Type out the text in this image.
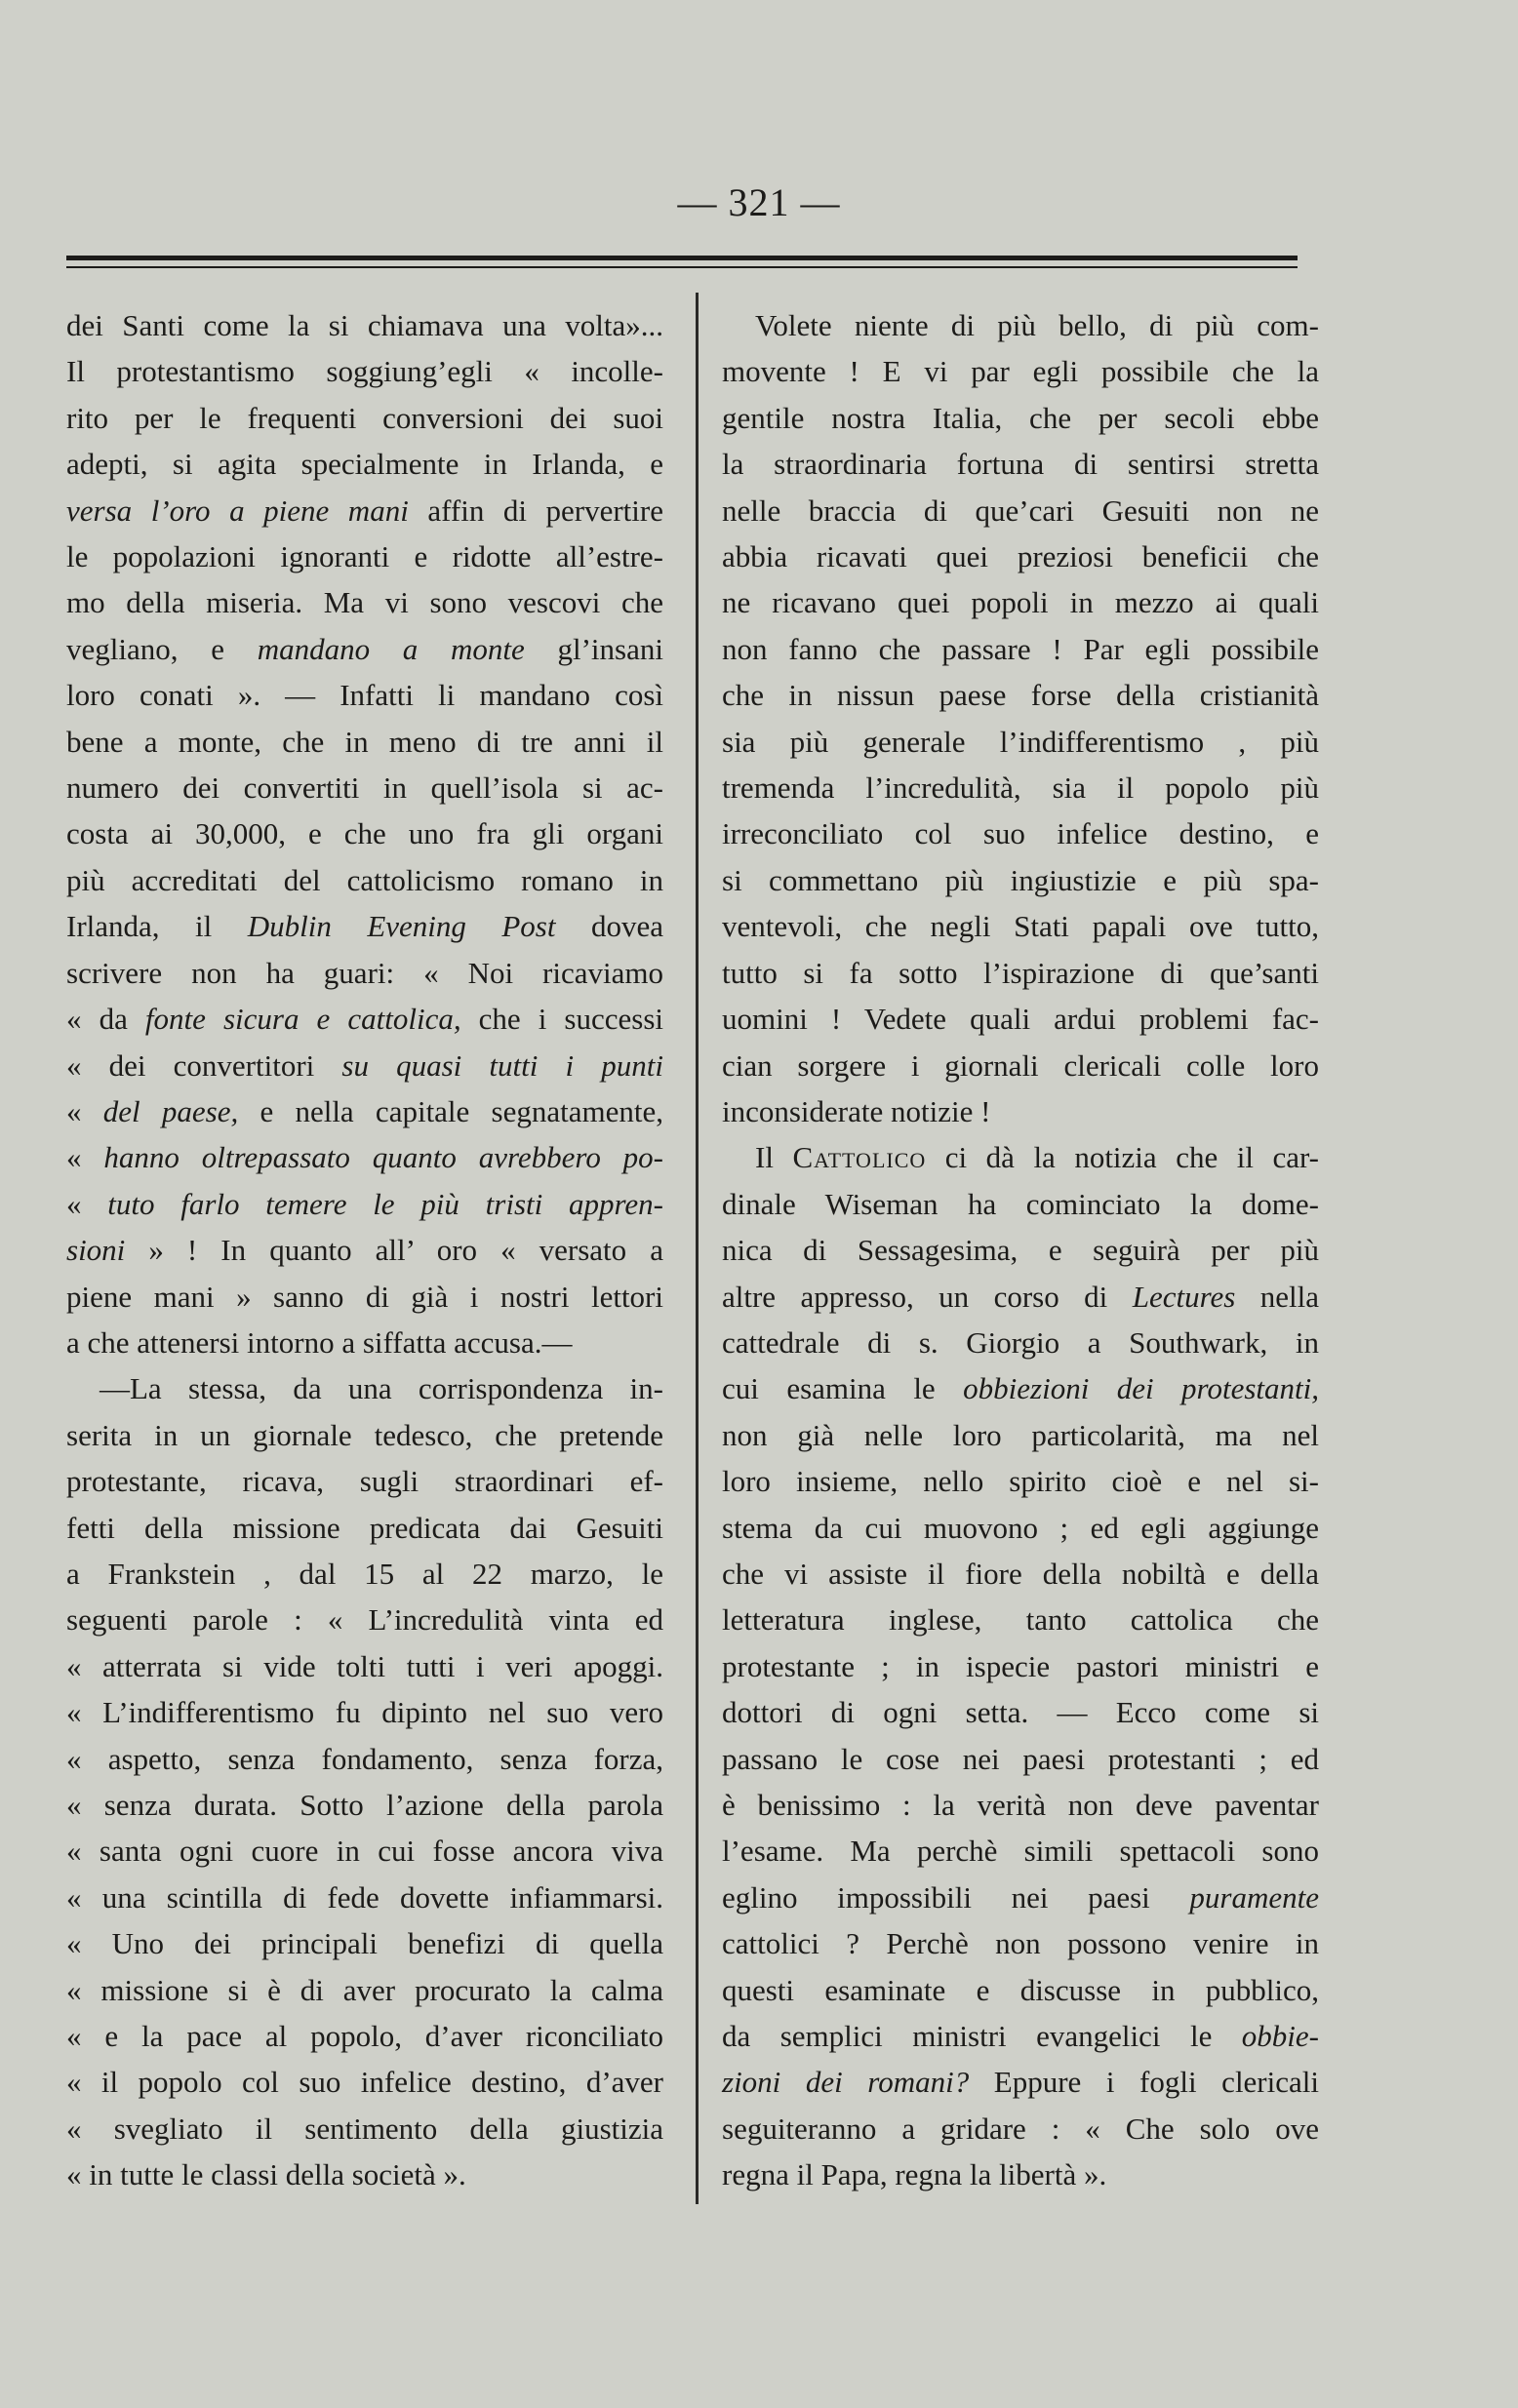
— 321 —
dei Santi come la si chiamava una volta»...
Il protestantismo soggiung’egli « incolle-
rito per le frequenti conversioni dei suoi
adepti, si agita specialmente in Irlanda, e
versa l’oro a piene mani affin di pervertire
le popolazioni ignoranti e ridotte all’estre-
mo della miseria. Ma vi sono vescovi che
vegliano, e mandano a monte gl’insani
loro conati ». — Infatti li mandano così
bene a monte, che in meno di tre anni il
numero dei convertiti in quell’isola si ac-
costa ai 30,000, e che uno fra gli organi
più accreditati del cattolicismo romano in
Irlanda, il Dublin Evening Post dovea
scrivere non ha guari: « Noi ricaviamo
« da fonte sicura e cattolica, che i successi
« dei convertitori su quasi tutti i punti
« del paese, e nella capitale segnatamente,
« hanno oltrepassato quanto avrebbero po-
« tuto farlo temere le più tristi appren-
sioni » ! In quanto all’ oro « versato a
piene mani » sanno di già i nostri lettori
a che attenersi intorno a siffatta accusa.—
—La stessa, da una corrispondenza in-
serita in un giornale tedesco, che pretende
protestante, ricava, sugli straordinari ef-
fetti della missione predicata dai Gesuiti
a Frankstein , dal 15 al 22 marzo, le
seguenti parole : « L’incredulità vinta ed
« atterrata si vide tolti tutti i veri apoggi.
« L’indifferentismo fu dipinto nel suo vero
« aspetto, senza fondamento, senza forza,
« senza durata. Sotto l’azione della parola
« santa ogni cuore in cui fosse ancora viva
« una scintilla di fede dovette infiammarsi.
« Uno dei principali benefizi di quella
« missione si è di aver procurato la calma
« e la pace al popolo, d’aver riconciliato
« il popolo col suo infelice destino, d’aver
« svegliato il sentimento della giustizia
« in tutte le classi della società ».
Volete niente di più bello, di più com-
movente ! E vi par egli possibile che la
gentile nostra Italia, che per secoli ebbe
la straordinaria fortuna di sentirsi stretta
nelle braccia di que’cari Gesuiti non ne
abbia ricavati quei preziosi beneficii che
ne ricavano quei popoli in mezzo ai quali
non fanno che passare ! Par egli possibile
che in nissun paese forse della cristianità
sia più generale l’indifferentismo , più
tremenda l’incredulità, sia il popolo più
irreconciliato col suo infelice destino, e
si commettano più ingiustizie e più spa-
ventevoli, che negli Stati papali ove tutto,
tutto si fa sotto l’ispirazione di que’santi
uomini ! Vedete quali ardui problemi fac-
cian sorgere i giornali clericali colle loro
inconsiderate notizie !
Il Cattolico ci dà la notizia che il car-
dinale Wiseman ha cominciato la dome-
nica di Sessagesima, e seguirà per più
altre appresso, un corso di Lectures nella
cattedrale di s. Giorgio a Southwark, in
cui esamina le obbiezioni dei protestanti,
non già nelle loro particolarità, ma nel
loro insieme, nello spirito cioè e nel si-
stema da cui muovono ; ed egli aggiunge
che vi assiste il fiore della nobiltà e della
letteratura inglese, tanto cattolica che
protestante ; in ispecie pastori ministri e
dottori di ogni setta. — Ecco come si
passano le cose nei paesi protestanti ; ed
è benissimo : la verità non deve paventar
l’esame. Ma perchè simili spettacoli sono
eglino impossibili nei paesi puramente
cattolici ? Perchè non possono venire in
questi esaminate e discusse in pubblico,
da semplici ministri evangelici le obbie-
zioni dei romani? Eppure i fogli clericali
seguiteranno a gridare : « Che solo ove
regna il Papa, regna la libertà ».
